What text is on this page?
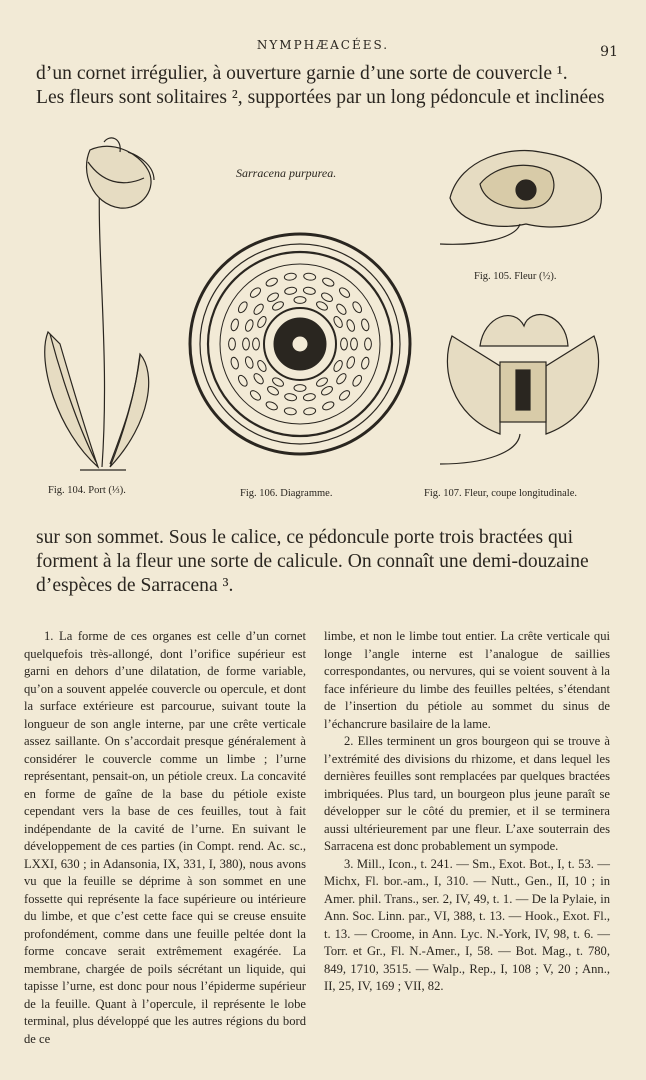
NYMPHÆACÉES.	91
d’un cornet irrégulier, à ouverture garnie d’une sorte de couvercle ¹.
Les fleurs sont solitaires ², supportées par un long pédoncule et inclinées
Sarracena purpurea.
Fig. 104. Port (⅓).
Fig. 105. Fleur (½).
Fig. 106. Diagramme.	Fig. 107. Fleur, coupe longitudinale.
sur son sommet. Sous le calice, ce pédoncule porte trois bractées qui
forment à la fleur une sorte de calicule. On connaît une demi-douzaine
d’espèces de Sarracena ³.

1. La forme de ces organes est celle d’un cornet quelquefois très-allongé, dont l’orifice supérieur est garni en dehors d’une dilatation, de forme variable, qu’on a souvent appelée couvercle ou opercule, et dont la surface extérieure est parcourue, suivant toute la longueur de son angle interne, par une crête verticale assez saillante. On s’accordait presque généralement à considérer le couvercle comme un limbe ; l’urne représentant, pensait-on, un pétiole creux. La concavité en forme de gaîne de la base du pétiole existe cependant vers la base de ces feuilles, tout à fait indépendante de la cavité de l’urne. En suivant le développement de ces parties (in Compt. rend. Ac. sc., LXXI, 630 ; in Adansonia, IX, 331, I, 380), nous avons vu que la feuille se déprime à son sommet en une fossette qui représente la face supérieure ou intérieure du limbe, et que c’est cette face qui se creuse ensuite profondément, comme dans une feuille peltée dont la forme concave serait extrêmement exagérée. La membrane, chargée de poils sécrétant un liquide, qui tapisse l’urne, est donc pour nous l’épiderme supérieur de la feuille. Quant à l’opercule, il représente le lobe terminal, plus développé que les autres régions du bord de ce

limbe, et non le limbe tout entier. La crête verticale qui longe l’angle interne est l’analogue de saillies correspondantes, ou nervures, qui se voient souvent à la face inférieure du limbe des feuilles peltées, s’étendant de l’insertion du pétiole au sommet du sinus de l’échancrure basilaire de la lame.

2. Elles terminent un gros bourgeon qui se trouve à l’extrémité des divisions du rhizome, et dans lequel les dernières feuilles sont remplacées par quelques bractées imbriquées. Plus tard, un bourgeon plus jeune paraît se développer sur le côté du premier, et il se terminera aussi ultérieurement par une fleur. L’axe souterrain des Sarracena est donc probablement un sympode.

3. Mill., Icon., t. 241. — Sm., Exot. Bot., I, t. 53. — Michx, Fl. bor.-am., I, 310. — Nutt., Gen., II, 10 ; in Amer. phil. Trans., ser. 2, IV, 49, t. 1. — De la Pylaie, in Ann. Soc. Linn. par., VI, 388, t. 13. — Hook., Exot. Fl., t. 13. — Croome, in Ann. Lyc. N.-York, IV, 98, t. 6. — Torr. et Gr., Fl. N.-Amer., I, 58. — Bot. Mag., t. 780, 849, 1710, 3515. — Walp., Rep., I, 108 ; V, 20 ; Ann., II, 25, IV, 169 ; VII, 82.
